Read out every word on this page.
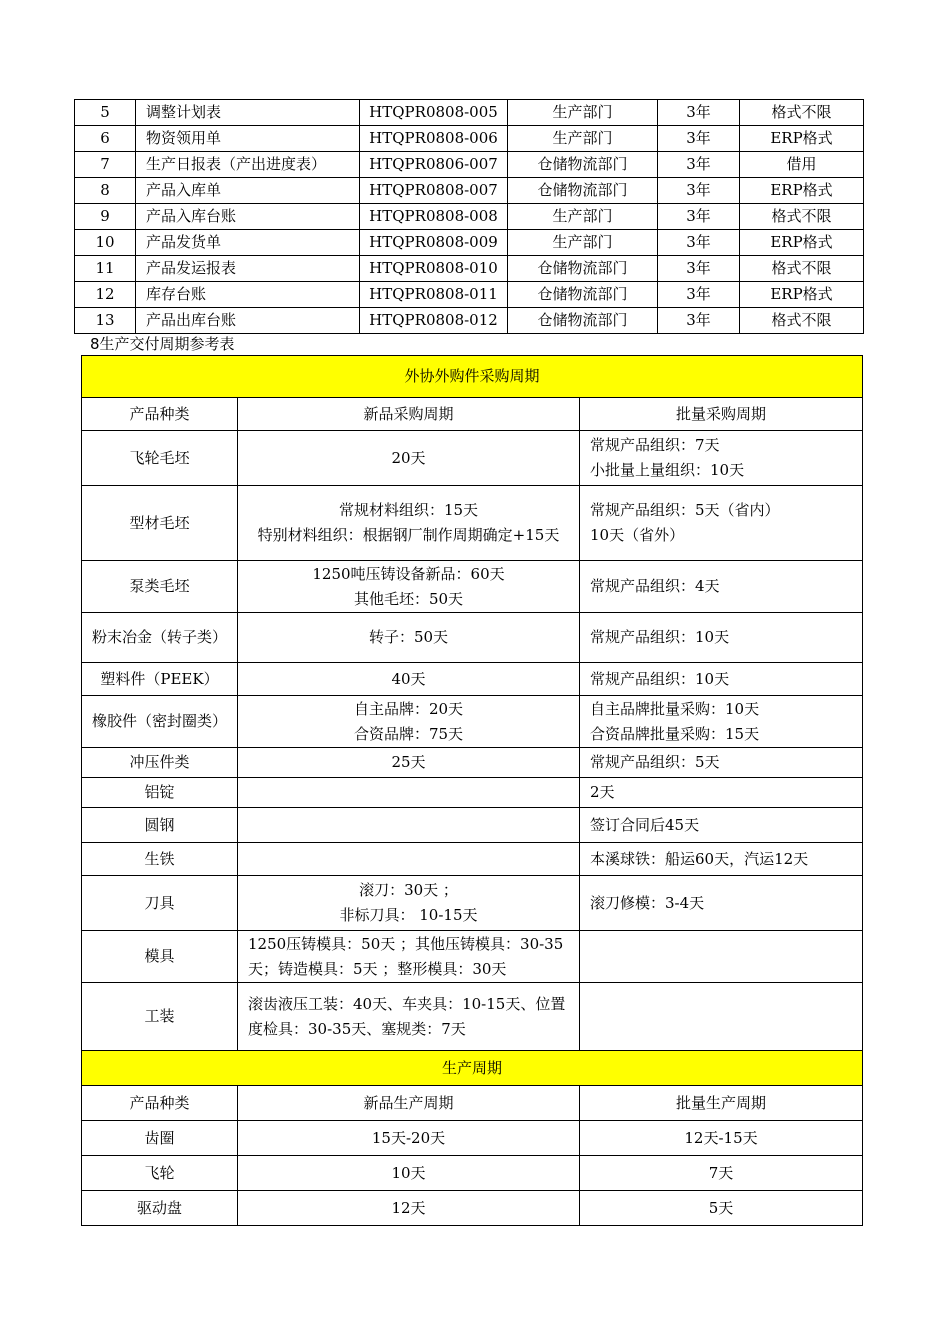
5	调整计划表	HTQPR0808-005	生产部门	3年	格式不限
6	物资领用单	HTQPR0808-006	生产部门	3年	ERP格式
7	生产日报表（产出进度表）	HTQPR0806-007	仓储物流部门	3年	借用
8	产品入库单	HTQPR0808-007	仓储物流部门	3年	ERP格式
9	产品入库台账	HTQPR0808-008	生产部门	3年	格式不限
10	产品发货单	HTQPR0808-009	生产部门	3年	ERP格式
11	产品发运报表	HTQPR0808-010	仓储物流部门	3年	格式不限
12	库存台账	HTQPR0808-011	仓储物流部门	3年	ERP格式
13	产品出库台账	HTQPR0808-012	仓储物流部门	3年	格式不限
8生产交付周期参考表
外协外购件采购周期		
产品种类	新品采购周期	批量采购周期
飞轮毛坯	20天	常规产品组织：7天
小批量上量组织：10天
型材毛坯	常规材料组织：15天
特别材料组织：根据钢厂制作周期确定+15天	常规产品组织：5天（省内）
10天（省外）
泵类毛坯	1250吨压铸设备新品：60天
其他毛坯：50天	常规产品组织：4天
粉末冶金（转子类）	转子：50天	常规产品组织：10天
塑料件（PEEK）	40天	常规产品组织：10天
橡胶件（密封圈类）	自主品牌：20天
合资品牌：75天	自主品牌批量采购：10天
合资品牌批量采购：15天
冲压件类	25天	常规产品组织：5天
铝锭		2天
圆钢		签订合同后45天
生铁		本溪球铁：船运60天，汽运12天
刀具	滚刀：30天 ；
非标刀具： 10-15天	滚刀修模：3-4天
模具	1250压铸模具：50天 ；其他压铸模具：30-35天；铸造模具：5天 ；整形模具：30天	
工装	滚齿液压工装：40天、车夹具：10-15天、位置度检具：30-35天、塞规类：7天	
生产周期		
产品种类	新品生产周期	批量生产周期
齿圈	15天-20天	12天-15天
飞轮	10天	7天
驱动盘	12天	5天
